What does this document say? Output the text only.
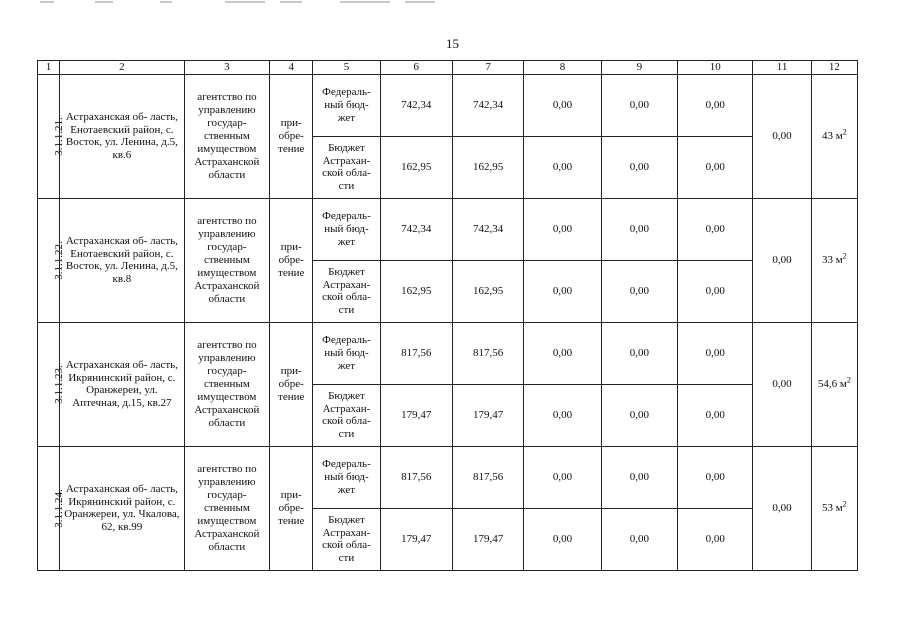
15
1	2	3	4	5	6	7	8	9	10	11	12
3.1.1.21.	Астраханская об- ласть, Енотаевский район, с. Восток, ул. Ленина, д.5, кв.6	агентство по управлению государ- ственным имуществом Астраханской области	при- обре- тение	Федераль- ный бюд- жет	742,34	742,34	0,00	0,00	0,00	0,00	43 $м^2$
				Бюджет Астрахан- ской обла- сти	162,95	162,95	0,00	0,00	0,00		
3.1.1.22.	Астраханская об- ласть, Енотаевский район, с. Восток, ул. Ленина, д.5, кв.8	агентство по управлению государ- ственным имуществом Астраханской области	при- обре- тение	Федераль- ный бюд- жет	742,34	742,34	0,00	0,00	0,00	0,00	33 $м^2$
				Бюджет Астрахан- ской обла- сти	162,95	162,95	0,00	0,00	0,00		
3.1.1.23.	Астраханская об- ласть, Икрянинский район, с. Оранжереи, ул. Аптечная, д.15, кв.27	агентство по управлению государ- ственным имуществом Астраханской области	при- обре- тение	Федераль- ный бюд- жет	817,56	817,56	0,00	0,00	0,00	0,00	54,6 $м^2$
				Бюджет Астрахан- ской обла- сти	179,47	179,47	0,00	0,00	0,00		
3.1.1.24.	Астраханская об- ласть, Икрянинский район, с. Оранжереи, ул. Чкалова, 62, кв.99	агентство по управлению государ- ственным имуществом Астраханской области	при- обре- тение	Федераль- ный бюд- жет	817,56	817,56	0,00	0,00	0,00	0,00	53 $м^2$
				Бюджет Астрахан- ской обла- сти	179,47	179,47	0,00	0,00	0,00		
